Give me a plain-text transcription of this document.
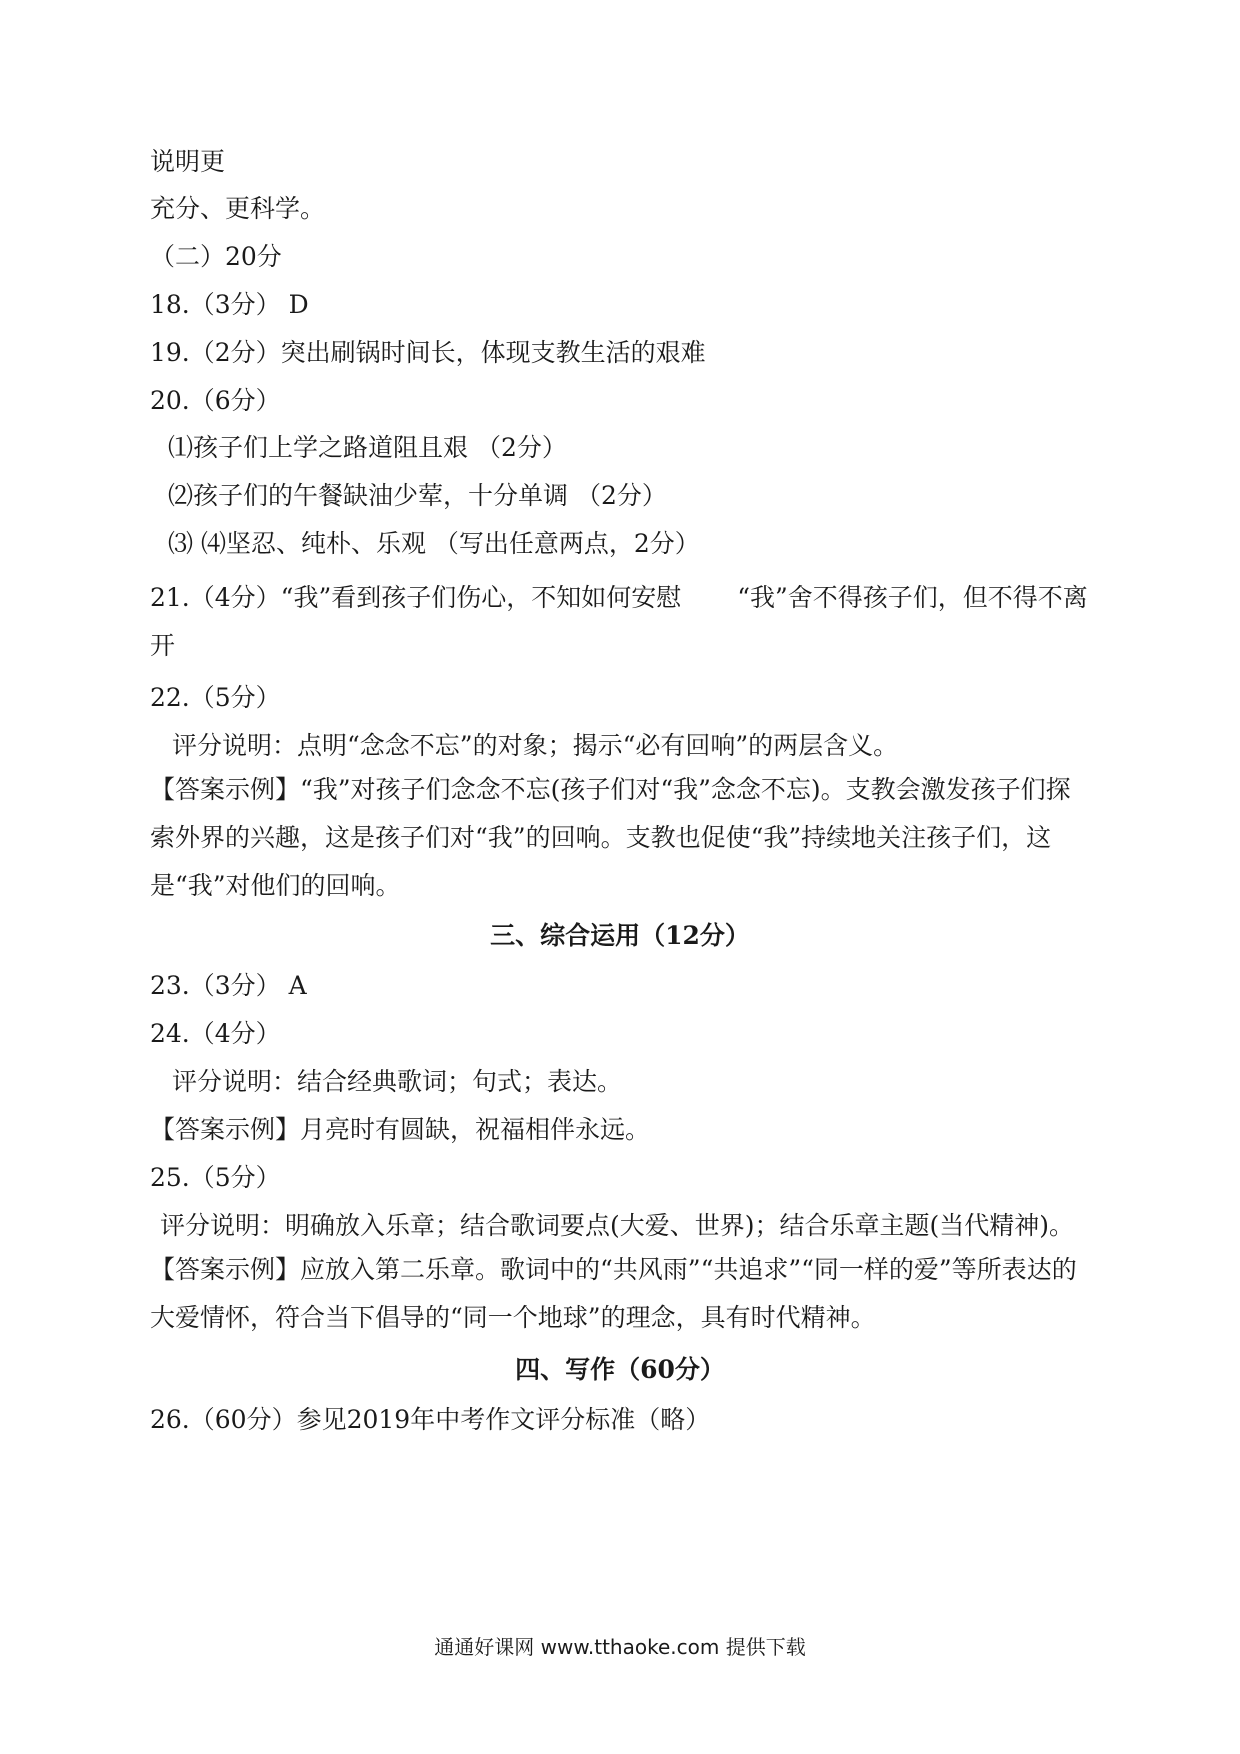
说明更
充分、更科学。
（二）20分
18.（3分） D
19.（2分）突出刷锅时间长，体现支教生活的艰难
20.（6分）
⑴孩子们上学之路道阻且艰 （2分）
⑵孩子们的午餐缺油少荤，十分单调 （2分）
⑶ ⑷坚忍、纯朴、乐观 （写出任意两点，2分）
21.（4分）“我”看到孩子们伤心，不知如何安慰 “我”舍不得孩子们，但不得不离开
22.（5分）
评分说明：点明“念念不忘”的对象；揭示“必有回响”的两层含义。
【答案示例】“我”对孩子们念念不忘(孩子们对“我”念念不忘)。支教会激发孩子们探索外界的兴趣，这是孩子们对“我”的回响。支教也促使“我”持续地关注孩子们，这是“我”对他们的回响。
三、综合运用（12分）
23.（3分） A
24.（4分）
评分说明：结合经典歌词；句式；表达。
【答案示例】月亮时有圆缺，祝福相伴永远。
25.（5分）
评分说明：明确放入乐章；结合歌词要点(大爱、世界)；结合乐章主题(当代精神)。
【答案示例】应放入第二乐章。歌词中的“共风雨”“共追求”“同一样的爱”等所表达的大爱情怀，符合当下倡导的“同一个地球”的理念，具有时代精神。
四、写作（60分）
26.（60分）参见2019年中考作文评分标准（略）
通通好课网 www.tthaoke.com 提供下载
